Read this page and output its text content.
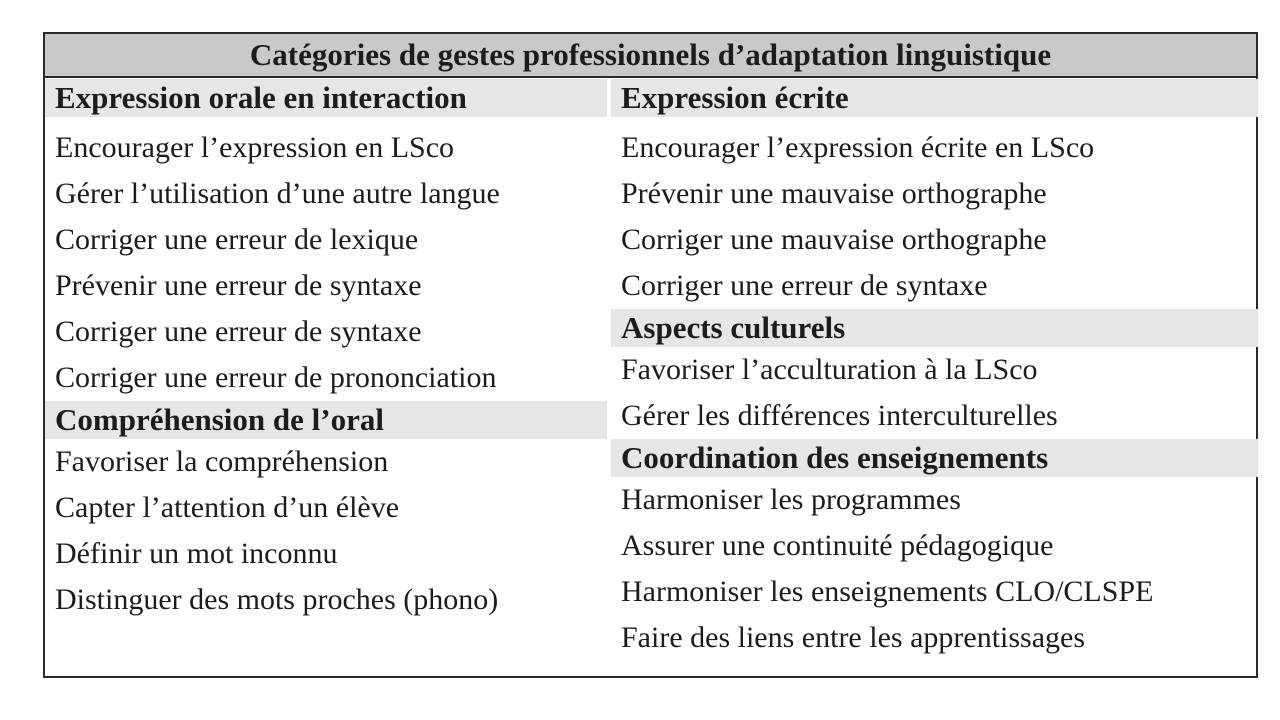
Catégories de gestes professionnels d’adaptation linguistique
Expression orale en interaction
Encourager l’expression en LSco
Gérer l’utilisation d’une autre langue
Corriger une erreur de lexique
Prévenir une erreur de syntaxe
Corriger une erreur de syntaxe
Corriger une erreur de prononciation
Compréhension de l’oral
Favoriser la compréhension
Capter l’attention d’un élève
Définir un mot inconnu
Distinguer des mots proches (phono)
Expression écrite
Encourager l’expression écrite en LSco
Prévenir une mauvaise orthographe
Corriger une mauvaise orthographe
Corriger une erreur de syntaxe
Aspects culturels
Favoriser l’acculturation à la LSco
Gérer les différences interculturelles
Coordination des enseignements
Harmoniser les programmes
Assurer une continuité pédagogique
Harmoniser les enseignements CLO/CLSPE
Faire des liens entre les apprentissages
